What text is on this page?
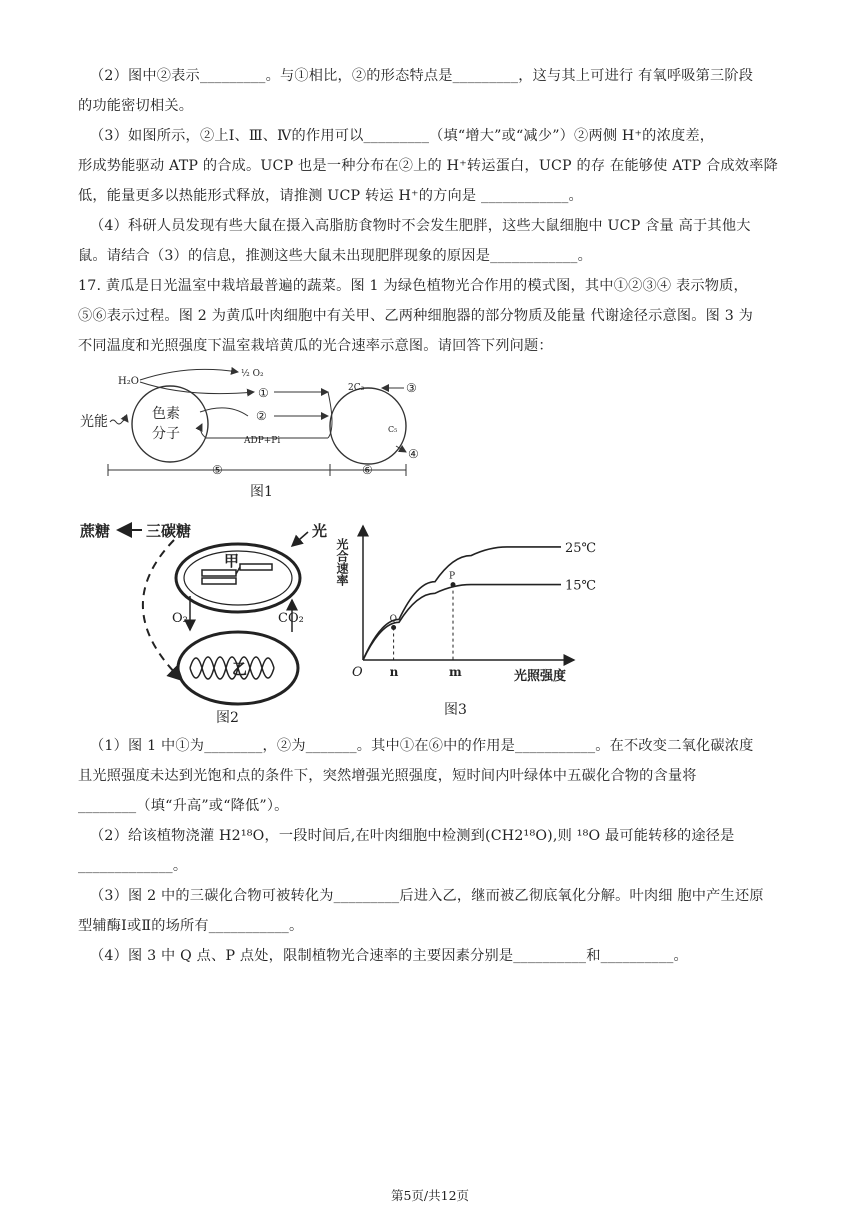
（2）图中②表示_________。与①相比，②的形态特点是_________，这与其上可进行 有氧呼吸第三阶段
的功能密切相关。
（3）如图所示，②上Ⅰ、Ⅲ、Ⅳ的作用可以_________（填“增大”或“减少”）②两侧 H⁺的浓度差，
形成势能驱动 ATP 的合成。UCP 也是一种分布在②上的 H⁺转运蛋白，UCP 的存 在能够使 ATP 合成效率降
低，能量更多以热能形式释放，请推测 UCP 转运 H⁺的方向是 ____________。
（4）科研人员发现有些大鼠在摄入高脂肪食物时不会发生肥胖，这些大鼠细胞中 UCP 含量 高于其他大
鼠。请结合（3）的信息，推测这些大鼠未出现肥胖现象的原因是____________。
17. 黄瓜是日光温室中栽培最普遍的蔬菜。图 1 为绿色植物光合作用的模式图，其中①②③④ 表示物质，
⑤⑥表示过程。图 2 为黄瓜叶肉细胞中有关甲、乙两种细胞器的部分物质及能量 代谢途径示意图。图 3 为
不同温度和光照强度下温室栽培黄瓜的光合速率示意图。请回答下列问题：
H₂O
½ O₂
①
光能	色素
分子
②
ADP+Pi
2C₃
C₅
③
④
⑤	⑥
图1
蔗糖 三碳糖	光
甲
乙
O₂	CO₂
图2
光合速率
光照强度
O
25℃
15℃
Q
n
P
m
图3
（1）图 1 中①为________，②为_______。其中①在⑥中的作用是___________。在不改变二氧化碳浓度
且光照强度未达到光饱和点的条件下，突然增强光照强度，短时间内叶绿体中五碳化合物的含量将
________（填“升高”或“降低”）。
（2）给该植物浇灌 H2¹⁸O，一段时间后,在叶肉细胞中检测到(CH2¹⁸O),则 ¹⁸O 最可能转移的途径是
_____________。
（3）图 2 中的三碳化合物可被转化为_________后进入乙，继而被乙彻底氧化分解。叶肉细 胞中产生还原
型辅酶Ⅰ或Ⅱ的场所有___________。
（4）图 3 中 Q 点、P 点处，限制植物光合速率的主要因素分别是__________和__________。
第5页/共12页
